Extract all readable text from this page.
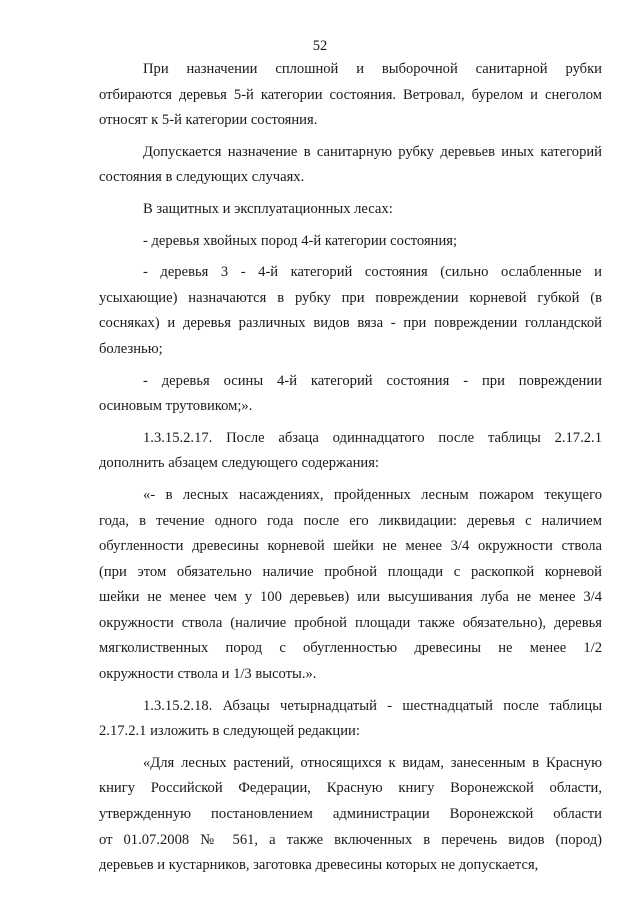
52
При назначении сплошной и выборочной санитарной рубки
отбираются деревья 5-й категории состояния. Ветровал, бурелом и снеголом
относят к 5-й категории состояния.
Допускается назначение в санитарную рубку деревьев иных категорий
состояния в следующих случаях.
В защитных и эксплуатационных лесах:
- деревья хвойных пород 4-й категории состояния;
- деревья 3 - 4-й категорий состояния (сильно ослабленные и
усыхающие) назначаются в рубку при повреждении корневой губкой (в
сосняках) и деревья различных видов вяза - при повреждении голландской
болезнью;
- деревья осины 4-й категорий состояния - при повреждении
осиновым трутовиком;».
1.3.15.2.17. После абзаца одиннадцатого после таблицы 2.17.2.1
дополнить абзацем следующего содержания:
«- в лесных насаждениях, пройденных лесным пожаром текущего
года, в течение одного года после его ликвидации: деревья с наличием
обугленности древесины корневой шейки не менее 3/4 окружности ствола
(при этом обязательно наличие пробной площади с раскопкой корневой
шейки не менее чем у 100 деревьев) или высушивания луба не менее 3/4
окружности ствола (наличие пробной площади также обязательно), деревья
мягколиственных пород с обугленностью древесины не менее 1/2
окружности ствола и 1/3 высоты.».
1.3.15.2.18. Абзацы четырнадцатый - шестнадцатый после таблицы
2.17.2.1 изложить в следующей редакции:
«Для лесных растений, относящихся к видам, занесенным в Красную
книгу Российской Федерации, Красную книгу Воронежской области,
утвержденную постановлением администрации Воронежской области
от 01.07.2008 № 561, а также включенных в перечень видов (пород)
деревьев и кустарников, заготовка древесины которых не допускается,
